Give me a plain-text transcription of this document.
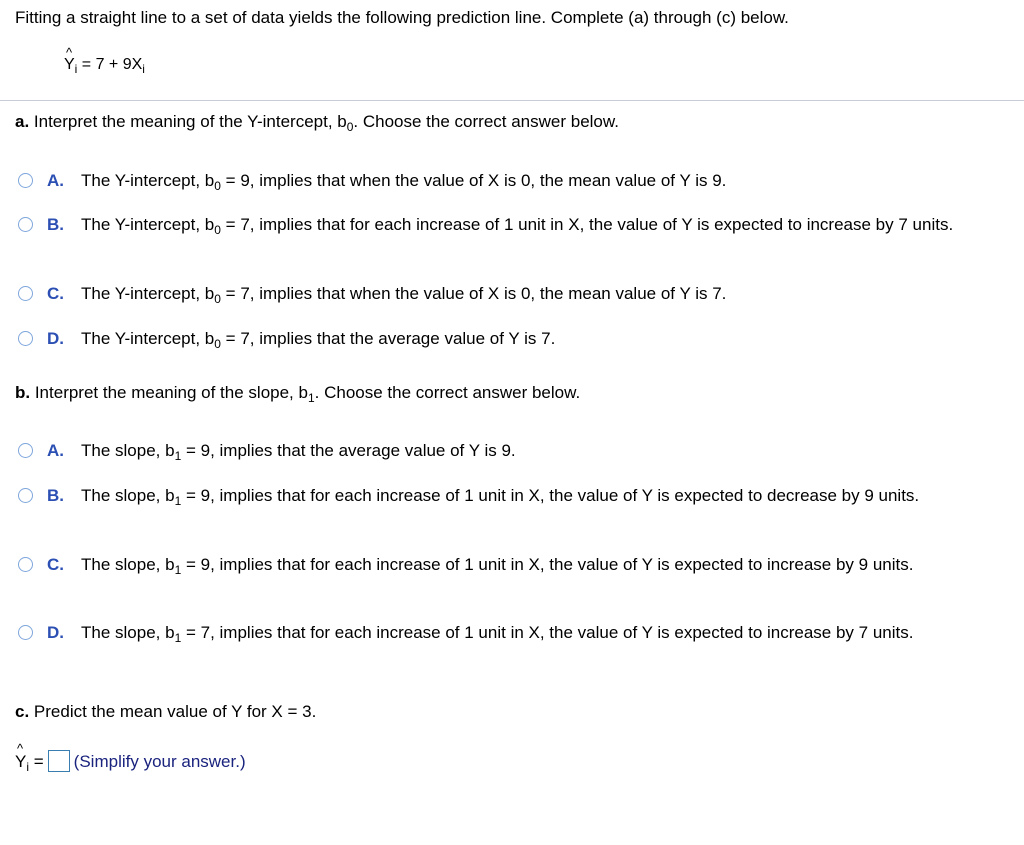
Fitting a straight line to a set of data yields the following prediction line. Complete (a) through (c) below.
^ $Y_i = 7 + 9X_i$
a. Interpret the meaning of the Y-intercept, $b_0$. Choose the correct answer below.
b. Interpret the meaning of the slope, $b_1$. Choose the correct answer below.
c. Predict the mean value of Y for X = 3.
^ $Y_i$ = (Simplify your answer.)
A. The Y-intercept, $b_0 = 9$, implies that when the value of X is 0, the mean value of Y is 9.
B. The Y-intercept, $b_0 = 7$, implies that for each increase of 1 unit in X, the value of Y is expected to increase by 7 units.
C. The Y-intercept, $b_0 = 7$, implies that when the value of X is 0, the mean value of Y is 7.
D. The Y-intercept, $b_0 = 7$, implies that the average value of Y is 7.
A. The slope, $b_1 = 9$, implies that the average value of Y is 9.
B. The slope, $b_1 = 9$, implies that for each increase of 1 unit in X, the value of Y is expected to decrease by 9 units.
C. The slope, $b_1 = 9$, implies that for each increase of 1 unit in X, the value of Y is expected to increase by 9 units.
D. The slope, $b_1 = 7$, implies that for each increase of 1 unit in X, the value of Y is expected to increase by 7 units.
